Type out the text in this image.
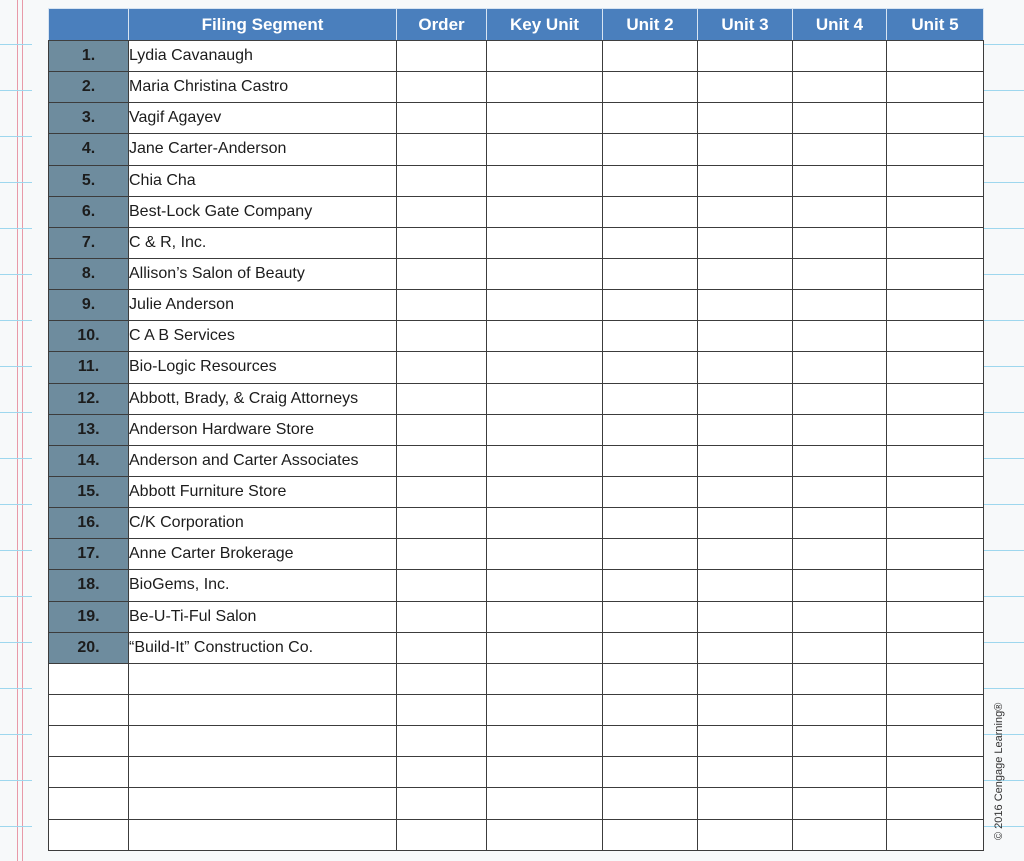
	Filing Segment	Order	Key Unit	Unit 2	Unit 3	Unit 4	Unit 5
1.	Lydia Cavanaugh						
2.	Maria Christina Castro						
3.	Vagif Agayev						
4.	Jane Carter-Anderson						
5.	Chia Cha						
6.	Best-Lock Gate Company						
7.	C & R, Inc.						
8.	Allison’s Salon of Beauty						
9.	Julie Anderson						
10.	C A B Services						
11.	Bio-Logic Resources						
12.	Abbott, Brady, & Craig Attorneys						
13.	Anderson Hardware Store						
14.	Anderson and Carter Associates						
15.	Abbott Furniture Store						
16.	C/K Corporation						
17.	Anne Carter Brokerage						
18.	BioGems, Inc.						
19.	Be-U-Ti-Ful Salon						
20.	“Build-It” Construction Co.						

© 2016 Cengage Learning®
